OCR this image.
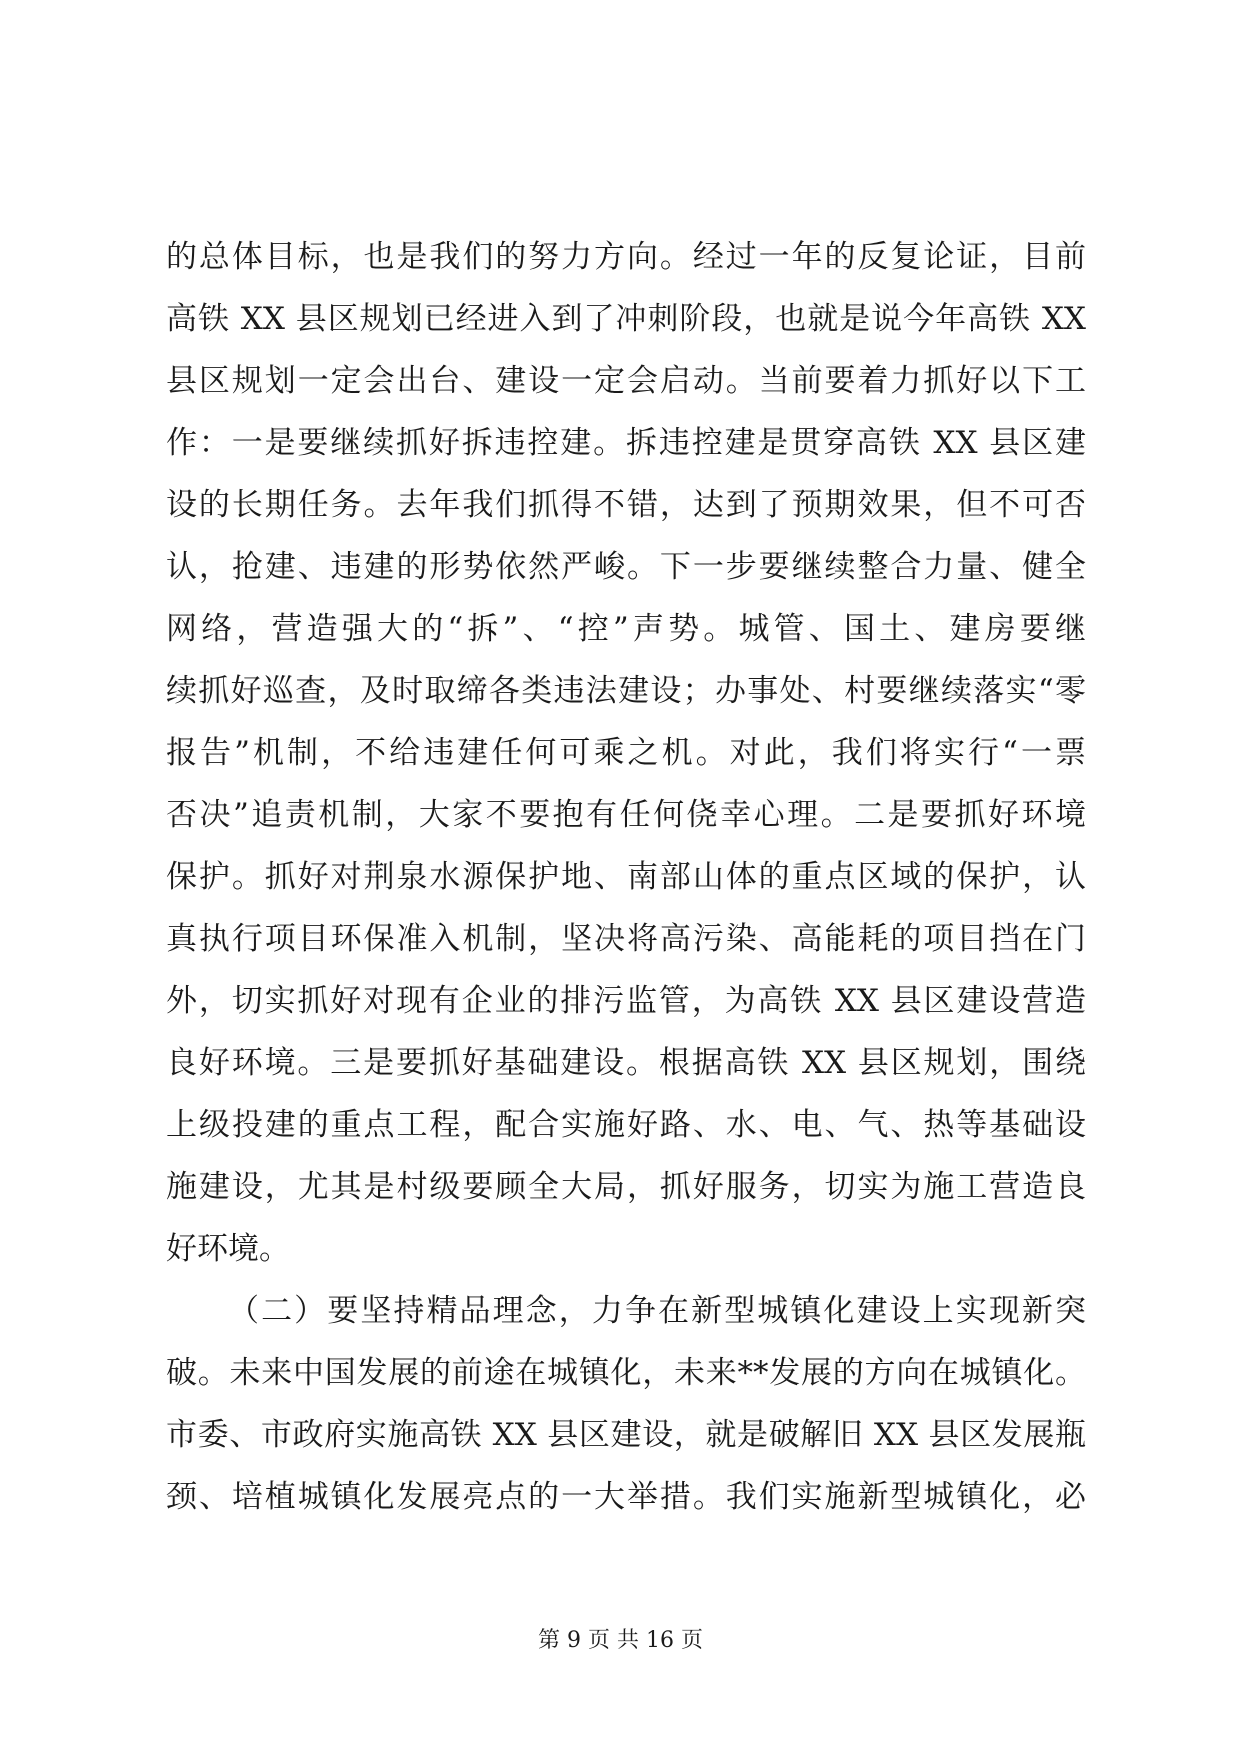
的总体目标，也是我们的努力方向。经过一年的反复论证，目前
高铁 XX 县区规划已经进入到了冲刺阶段，也就是说今年高铁 XX
县区规划一定会出台、建设一定会启动。当前要着力抓好以下工
作：一是要继续抓好拆违控建。拆违控建是贯穿高铁 XX 县区建
设的长期任务。去年我们抓得不错，达到了预期效果，但不可否
认，抢建、违建的形势依然严峻。下一步要继续整合力量、健全
网络，营造强大的“拆”、“控”声势。城管、国土、建房要继
续抓好巡查，及时取缔各类违法建设；办事处、村要继续落实“零
报告”机制，不给违建任何可乘之机。对此，我们将实行“一票
否决”追责机制，大家不要抱有任何侥幸心理。二是要抓好环境
保护。抓好对荆泉水源保护地、南部山体的重点区域的保护，认
真执行项目环保准入机制，坚决将高污染、高能耗的项目挡在门
外，切实抓好对现有企业的排污监管，为高铁 XX 县区建设营造
良好环境。三是要抓好基础建设。根据高铁 XX 县区规划，围绕
上级投建的重点工程，配合实施好路、水、电、气、热等基础设
施建设，尤其是村级要顾全大局，抓好服务，切实为施工营造良
好环境。
（二）要坚持精品理念，力争在新型城镇化建设上实现新突
破。未来中国发展的前途在城镇化，未来**发展的方向在城镇化。
市委、市政府实施高铁 XX 县区建设，就是破解旧 XX 县区发展瓶
颈、培植城镇化发展亮点的一大举措。我们实施新型城镇化，必
第 9 页 共 16 页
